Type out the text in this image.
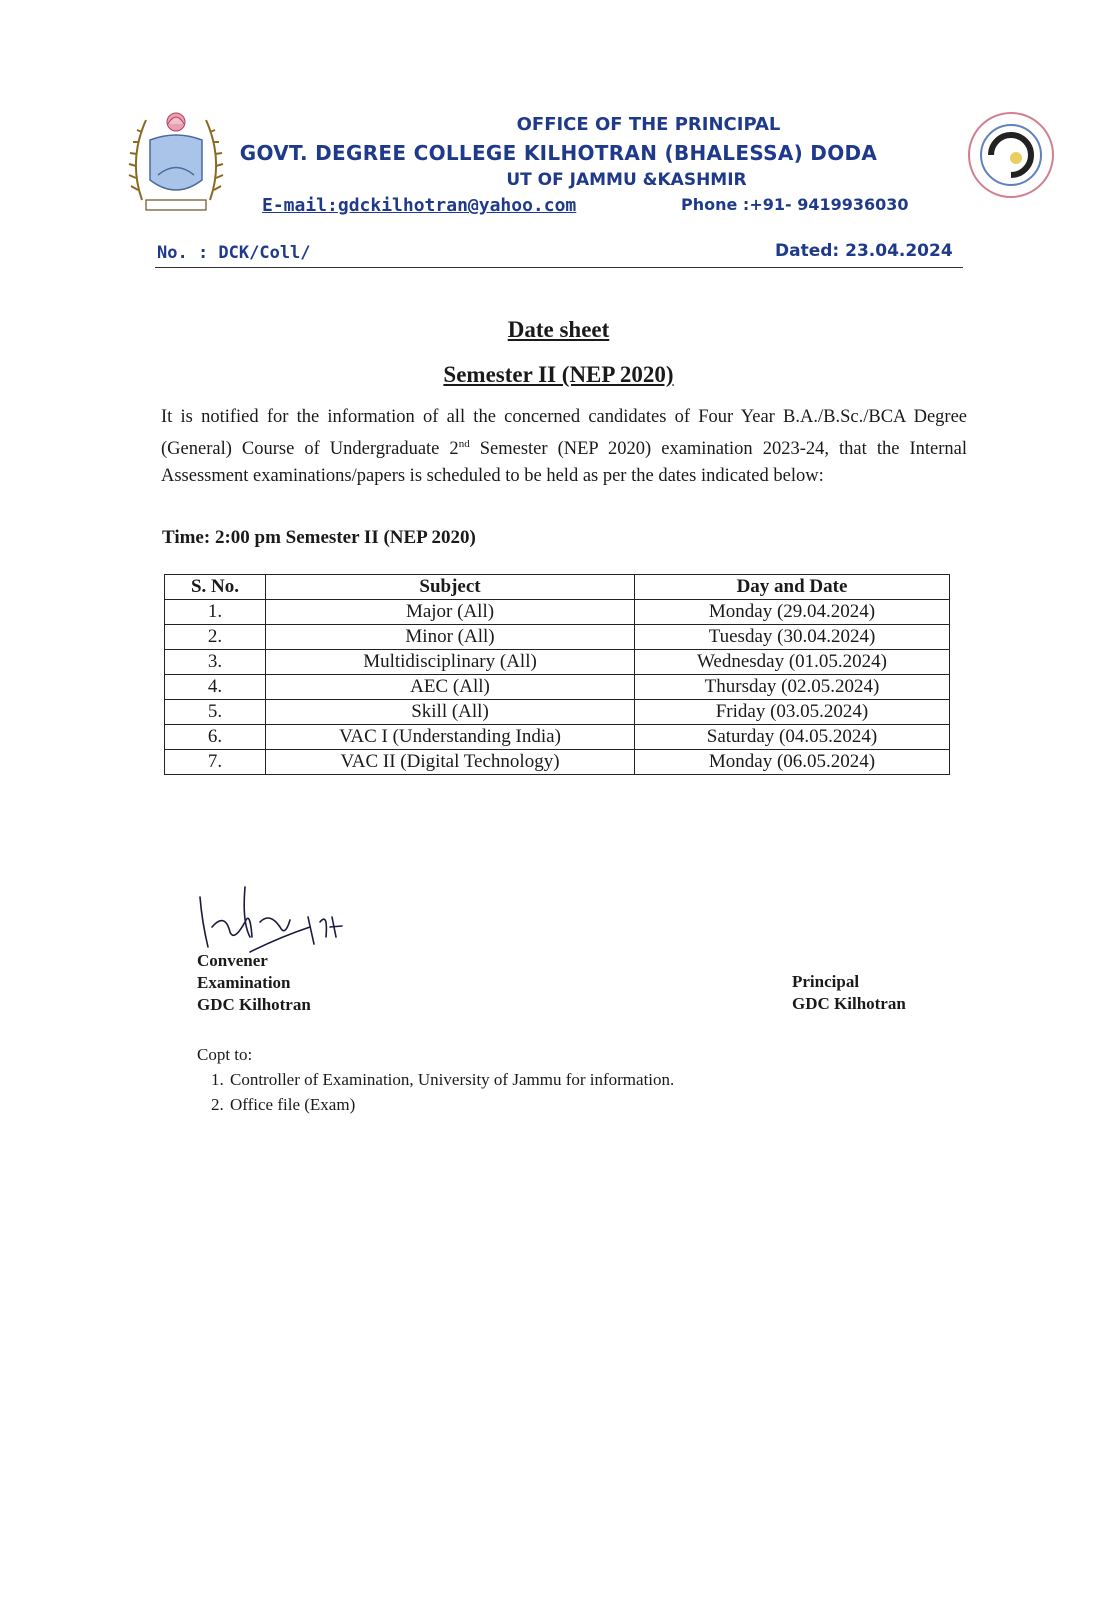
OFFICE OF THE PRINCIPAL
GOVT. DEGREE COLLEGE KILHOTRAN (BHALESSA) DODA
UT OF JAMMU &KASHMIR
E-mail:gdckilhotran@yahoo.com	Phone :+91- 9419936030
No. : DCK/Coll/	Dated: 23.04.2024
Date sheet
Semester II (NEP 2020)
It is notified for the information of all the concerned candidates of Four Year B.A./B.Sc./BCA Degree (General) Course of Undergraduate 2nd Semester (NEP 2020) examination 2023-24, that the Internal Assessment examinations/papers is scheduled to be held as per the dates indicated below:
Time: 2:00 pm Semester II (NEP 2020)
S. No.	Subject	Day and Date
1.	Major (All)	Monday (29.04.2024)
2.	Minor (All)	Tuesday (30.04.2024)
3.	Multidisciplinary (All)	Wednesday (01.05.2024)
4.	AEC (All)	Thursday (02.05.2024)
5.	Skill (All)	Friday (03.05.2024)
6.	VAC I (Understanding India)	Saturday (04.05.2024)
7.	VAC II (Digital Technology)	Monday (06.05.2024)
Convener
Examination
GDC Kilhotran
Principal
GDC Kilhotran
Copt to:
1. Controller of Examination, University of Jammu for information.
2. Office file (Exam)
